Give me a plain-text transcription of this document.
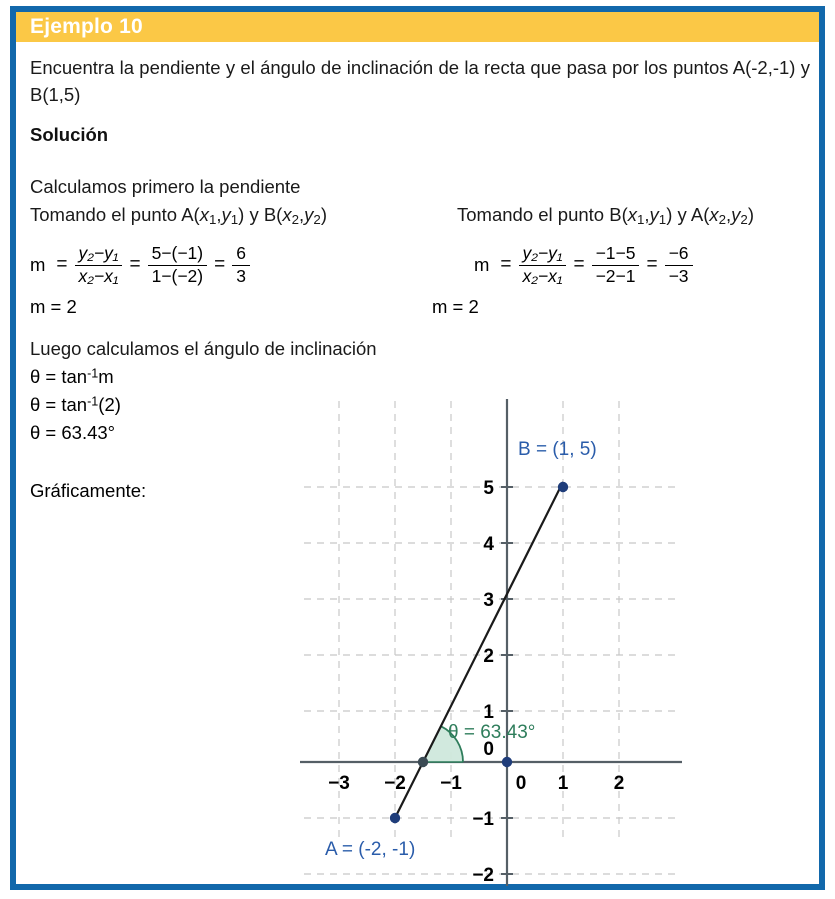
Ejemplo 10
Encuentra la pendiente y el ángulo de inclinación de la recta que pasa por los puntos A(-2,-1) y B(1,5)
Solución
Calculamos primero la pendiente
Tomando el punto $A(x_1,y_1)$ y $B(x_2,y_2)$	Tomando el punto $B(x_1,y_1)$ y $A(x_2,y_2)$
$m = \frac{\text{y₂−y₁}}{\text{x₂−x₁}} = \frac{5-(-1)}{1-(-2)} = \frac{6}{3}$
m = 2
$m = \frac{\text{y₂−y₁}}{\text{x₂−x₁}} = \frac{-1-5}{-2-1} = \frac{-6}{-3}$
m = 2
Luego calculamos el ángulo de inclinación
$\theta = \tan^{-1}m$
$\theta = \tan^{-1}(2)$
θ = 63.43°
Gráficamente:	5
4
3
2
1
0
−1
−2
−3 −2 −1	0 1 2
B = (1, 5)
A = (-2, -1)
θ = 63.43°
